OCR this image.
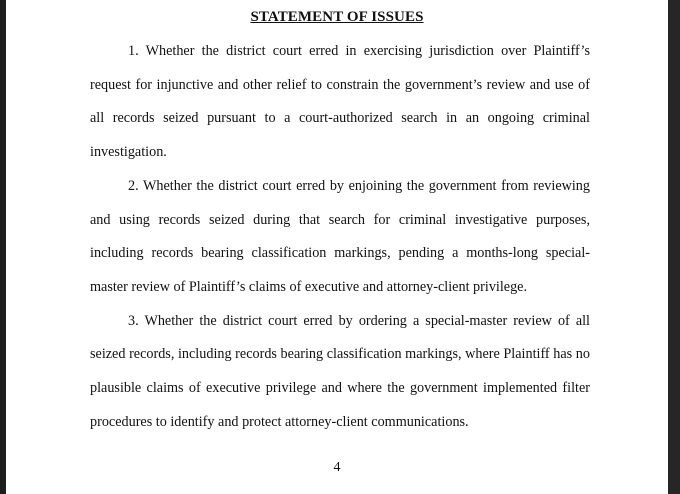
STATEMENT OF ISSUES

1. Whether the district court erred in exercising jurisdiction over Plaintiff’s request for injunctive and other relief to constrain the government’s review and use of all records seized pursuant to a court-authorized search in an ongoing criminal investigation.

2. Whether the district court erred by enjoining the government from reviewing and using records seized during that search for criminal investigative purposes, including records bearing classification markings, pending a months-long special-master review of Plaintiff’s claims of executive and attorney-client privilege.

3. Whether the district court erred by ordering a special-master review of all seized records, including records bearing classification markings, where Plaintiff has no plausible claims of executive privilege and where the government implemented filter procedures to identify and protect attorney-client communications.

4
